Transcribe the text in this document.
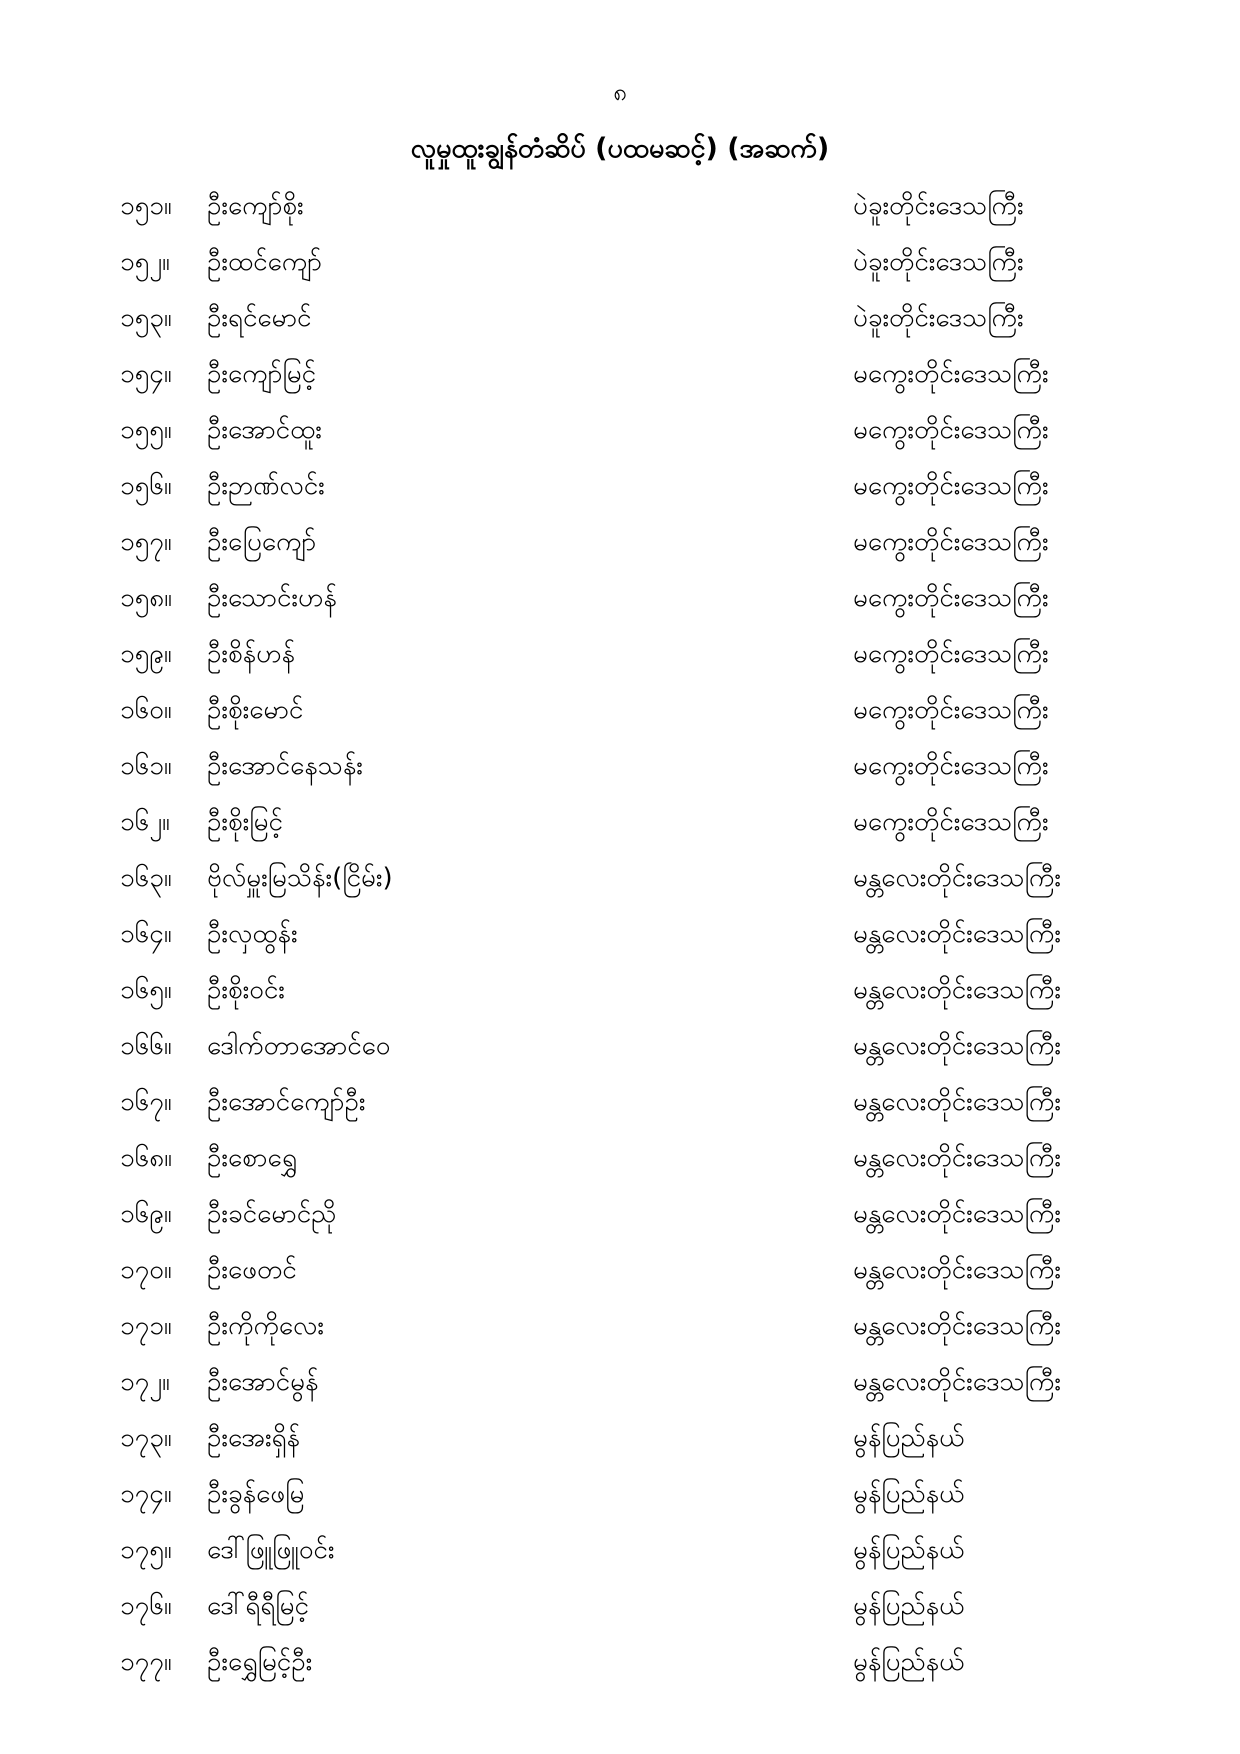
၈
လူမှုထူးချွန်တံဆိပ် (ပထမဆင့်) (အဆက်)
၁၅၁။ ဦးကျော်စိုး	ပဲခူးတိုင်းဒေသကြီး
၁၅၂။ ဦးထင်ကျော်	ပဲခူးတိုင်းဒေသကြီး
၁၅၃။ ဦးရင်မောင်	ပဲခူးတိုင်းဒေသကြီး
၁၅၄။ ဦးကျော်မြင့်	မကွေးတိုင်းဒေသကြီး
၁၅၅။ ဦးအောင်ထူး	မကွေးတိုင်းဒေသကြီး
၁၅၆။ ဦးဉာဏ်လင်း	မကွေးတိုင်းဒေသကြီး
၁၅၇။ ဦးပြေကျော်	မကွေးတိုင်းဒေသကြီး
၁၅၈။ ဦးသောင်းဟန်	မကွေးတိုင်းဒေသကြီး
၁၅၉။ ဦးစိန်ဟန်	မကွေးတိုင်းဒေသကြီး
၁၆၀။ ဦးစိုးမောင်	မကွေးတိုင်းဒေသကြီး
၁၆၁။ ဦးအောင်နေသန်း	မကွေးတိုင်းဒေသကြီး
၁၆၂။ ဦးစိုးမြင့်	မကွေးတိုင်းဒေသကြီး
၁၆၃။ ဗိုလ်မှူးမြသိန်း(ငြိမ်း)	မန္တလေးတိုင်းဒေသကြီး
၁၆၄။ ဦးလှထွန်း	မန္တလေးတိုင်းဒေသကြီး
၁၆၅။ ဦးစိုးဝင်း	မန္တလေးတိုင်းဒေသကြီး
၁၆၆။ ဒေါက်တာအောင်ဝေ	မန္တလေးတိုင်းဒေသကြီး
၁၆၇။ ဦးအောင်ကျော်ဦး	မန္တလေးတိုင်းဒေသကြီး
၁၆၈။ ဦးစောရွှေ	မန္တလေးတိုင်းဒေသကြီး
၁၆၉။ ဦးခင်မောင်ညို	မန္တလေးတိုင်းဒေသကြီး
၁၇၀။ ဦးဖေတင်	မန္တလေးတိုင်းဒေသကြီး
၁၇၁။ ဦးကိုကိုလေး	မန္တလေးတိုင်းဒေသကြီး
၁၇၂။ ဦးအောင်မွန်	မန္တလေးတိုင်းဒေသကြီး
၁၇၃။ ဦးအေးရှိန်	မွန်ပြည်နယ်
၁၇၄။ ဦးခွန်ဖေမြ	မွန်ပြည်နယ်
၁၇၅။ ဒေါ်ဖြူဖြူဝင်း	မွန်ပြည်နယ်
၁၇၆။ ဒေါ်ရီရီမြင့်	မွန်ပြည်နယ်
၁၇၇။ ဦးရွှေမြင့်ဦး	မွန်ပြည်နယ်
